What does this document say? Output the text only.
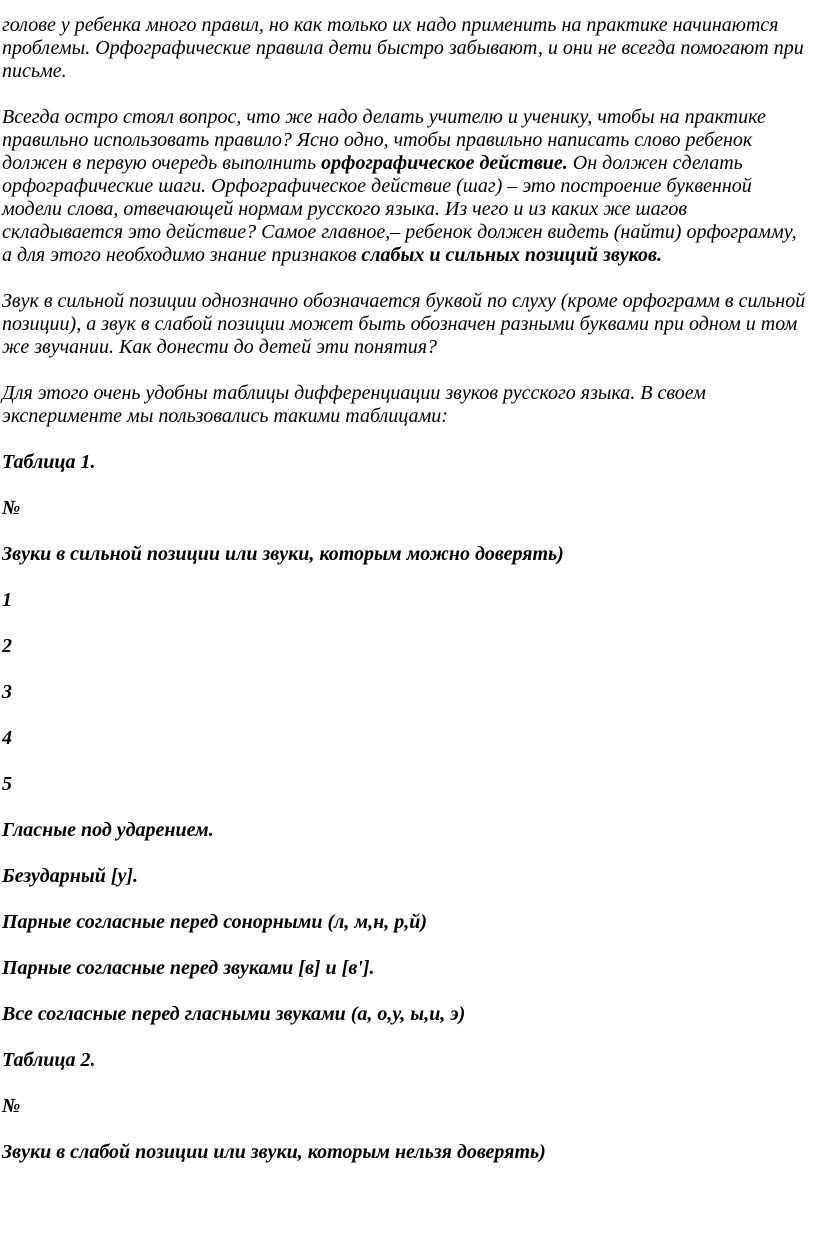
голове у ребенка много правил, но как только их надо применить на практике начинаются проблемы. Орфографические правила дети быстро забывают, и они не всегда помогают при письме.

Всегда остро стоял вопрос, что же надо делать учителю и ученику, чтобы на практике правильно использовать правило? Ясно одно, чтобы правильно написать слово ребенок должен в первую очередь выполнить орфографическое действие. Он должен сделать орфографические шаги. Орфографическое действие (шаг) – это построение буквенной модели слова, отвечающей нормам русского языка. Из чего и из каких же шагов складывается это действие? Самое главное,– ребенок должен видеть (найти) орфограмму, а для этого необходимо знание признаков слабых и сильных позиций звуков.

Звук в сильной позиции однозначно обозначается буквой по слуху (кроме орфограмм в сильной позиции), а звук в слабой позиции может быть обозначен разными буквами при одном и том же звучании. Как донести до детей эти понятия?

Для этого очень удобны таблицы дифференциации звуков русского языка. В своем эксперименте мы пользовались такими таблицами:

Таблица 1.

№

Звуки в сильной позиции или звуки, которым можно доверять)

1

2

3

4

5

Гласные под ударением.

Безударный [у].

Парные согласные перед сонорными (л, м,н, р,й)

Парные согласные перед звуками [в] и [в'].

Все согласные перед гласными звуками (а, о,у, ы,и, э)

Таблица 2.

№

Звуки в слабой позиции или звуки, которым нельзя доверять)
